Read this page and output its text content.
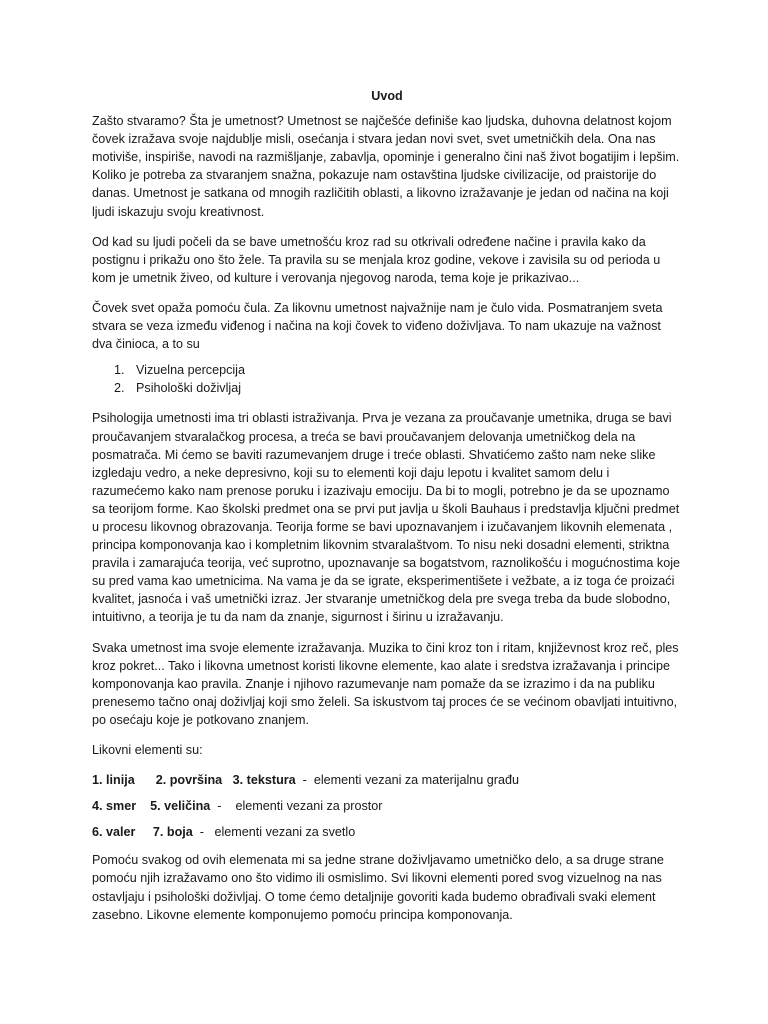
Uvod

Zašto stvaramo? Šta je umetnost? Umetnost se najčešće definiše kao ljudska, duhovna delatnost kojom čovek izražava svoje najdublje misli, osećanja i stvara jedan novi svet, svet umetničkih dela. Ona nas motiviše, inspiriše, navodi na razmišljanje, zabavlja, opominje i generalno čini naš život bogatijim i lepšim. Koliko je potreba za stvaranjem snažna, pokazuje nam ostavština ljudske civilizacije, od praistorije do danas. Umetnost je satkana od mnogih različitih oblasti, a likovno izražavanje je jedan od načina na koji ljudi iskazuju svoju kreativnost.

Od kad su ljudi počeli da se bave umetnošću kroz rad su otkrivali određene načine i pravila kako da postignu i prikažu ono što žele. Ta pravila su se menjala kroz godine, vekove i zavisila su od perioda u kom je umetnik živeo, od kulture i verovanja njegovog naroda, tema koje je prikazivao...

Čovek svet opaža pomoću čula. Za likovnu umetnost najvažnije nam je čulo vida. Posmatranjem sveta stvara se veza između viđenog i načina na koji čovek to viđeno doživljava. To nam ukazuje na važnost dva činioca, a to su

1. Vizuelna percepcija
2. Psihološki doživljaj

Psihologija umetnosti ima tri oblasti istraživanja. Prva je vezana za proučavanje umetnika, druga se bavi proučavanjem stvaralačkog procesa, a treća se bavi proučavanjem delovanja umetničkog dela na posmatrača. Mi ćemo se baviti razumevanjem druge i treće oblasti. Shvatićemo zašto nam neke slike izgledaju vedro, a neke depresivno, koji su to elementi koji daju lepotu i kvalitet samom delu i razumećemo kako nam prenose poruku i izazivaju emociju. Da bi to mogli, potrebno je da se upoznamo sa teorijom forme. Kao školski predmet ona se prvi put javlja u školi Bauhaus i predstavlja ključni predmet u procesu likovnog obrazovanja. Teorija forme se bavi upoznavanjem i izučavanjem likovnih elemenata , principa komponovanja kao i kompletnim likovnim stvaralaštvom. To nisu neki dosadni elementi, striktna pravila i zamarajuća teorija, već suprotno, upoznavanje sa bogatstvom, raznolikošću i mogućnostima koje su pred vama kao umetnicima. Na vama je da se igrate, eksperimentišete i vežbate, a iz toga će proizaći kvalitet, jasnoća i vaš umetnički izraz. Jer stvaranje umetničkog dela pre svega treba da bude slobodno, intuitivno, a teorija je tu da nam da znanje, sigurnost i širinu u izražavanju.

Svaka umetnost ima svoje elemente izražavanja. Muzika to čini kroz ton i ritam, književnost kroz reč, ples kroz pokret... Tako i likovna umetnost koristi likovne elemente, kao alate i sredstva izražavanja i principe komponovanja kao pravila. Znanje i njihovo razumevanje nam pomaže da se izrazimo i da na publiku prenesemo tačno onaj doživljaj koji smo želeli. Sa iskustvom taj proces će se većinom obavljati intuitivno, po osećaju koje je potkovano znanjem.

Likovni elementi su:

1. linija      2. površina   3. tekstura  -  elementi vezani za materijalnu građu
4. smer    5. veličina  -    elementi vezani za prostor
6. valer     7. boja  -   elementi vezani za svetlo

Pomoću svakog od ovih elemenata mi sa jedne strane doživljavamo umetničko delo, a sa druge strane pomoću njih izražavamo ono što vidimo ili osmislimo. Svi likovni elementi pored svog vizuelnog na nas ostavljaju i psihološki doživljaj. O tome ćemo detaljnije govoriti kada budemo obrađivali svaki element zasebno. Likovne elemente komponujemo pomoću principa komponovanja.
